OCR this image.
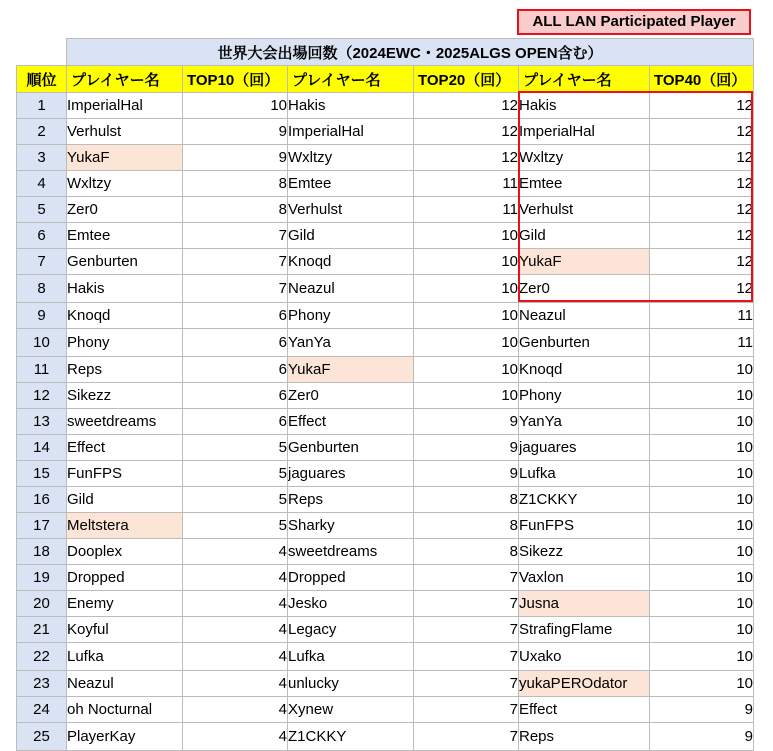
ALL LAN Participated Player
	世界大会出場回数（2024EWC・2025ALGS OPEN含む）					
順位	プレイヤー名	TOP10（回）	プレイヤー名	TOP20（回）	プレイヤー名	TOP40（回）
1	ImperialHal	10	Hakis	12	Hakis	12
2	Verhulst	9	ImperialHal	12	ImperialHal	12
3	YukaF	9	Wxltzy	12	Wxltzy	12
4	Wxltzy	8	Emtee	11	Emtee	12
5	Zer0	8	Verhulst	11	Verhulst	12
6	Emtee	7	Gild	10	Gild	12
7	Genburten	7	Knoqd	10	YukaF	12
8	Hakis	7	Neazul	10	Zer0	12
9	Knoqd	6	Phony	10	Neazul	11
10	Phony	6	YanYa	10	Genburten	11
11	Reps	6	YukaF	10	Knoqd	10
12	Sikezz	6	Zer0	10	Phony	10
13	sweetdreams	6	Effect	9	YanYa	10
14	Effect	5	Genburten	9	jaguares	10
15	FunFPS	5	jaguares	9	Lufka	10
16	Gild	5	Reps	8	Z1CKKY	10
17	Meltstera	5	Sharky	8	FunFPS	10
18	Dooplex	4	sweetdreams	8	Sikezz	10
19	Dropped	4	Dropped	7	Vaxlon	10
20	Enemy	4	Jesko	7	Jusna	10
21	Koyful	4	Legacy	7	StrafingFlame	10
22	Lufka	4	Lufka	7	Uxako	10
23	Neazul	4	unlucky	7	yukaPEROdator	10
24	oh Nocturnal	4	Xynew	7	Effect	9
25	PlayerKay	4	Z1CKKY	7	Reps	9
